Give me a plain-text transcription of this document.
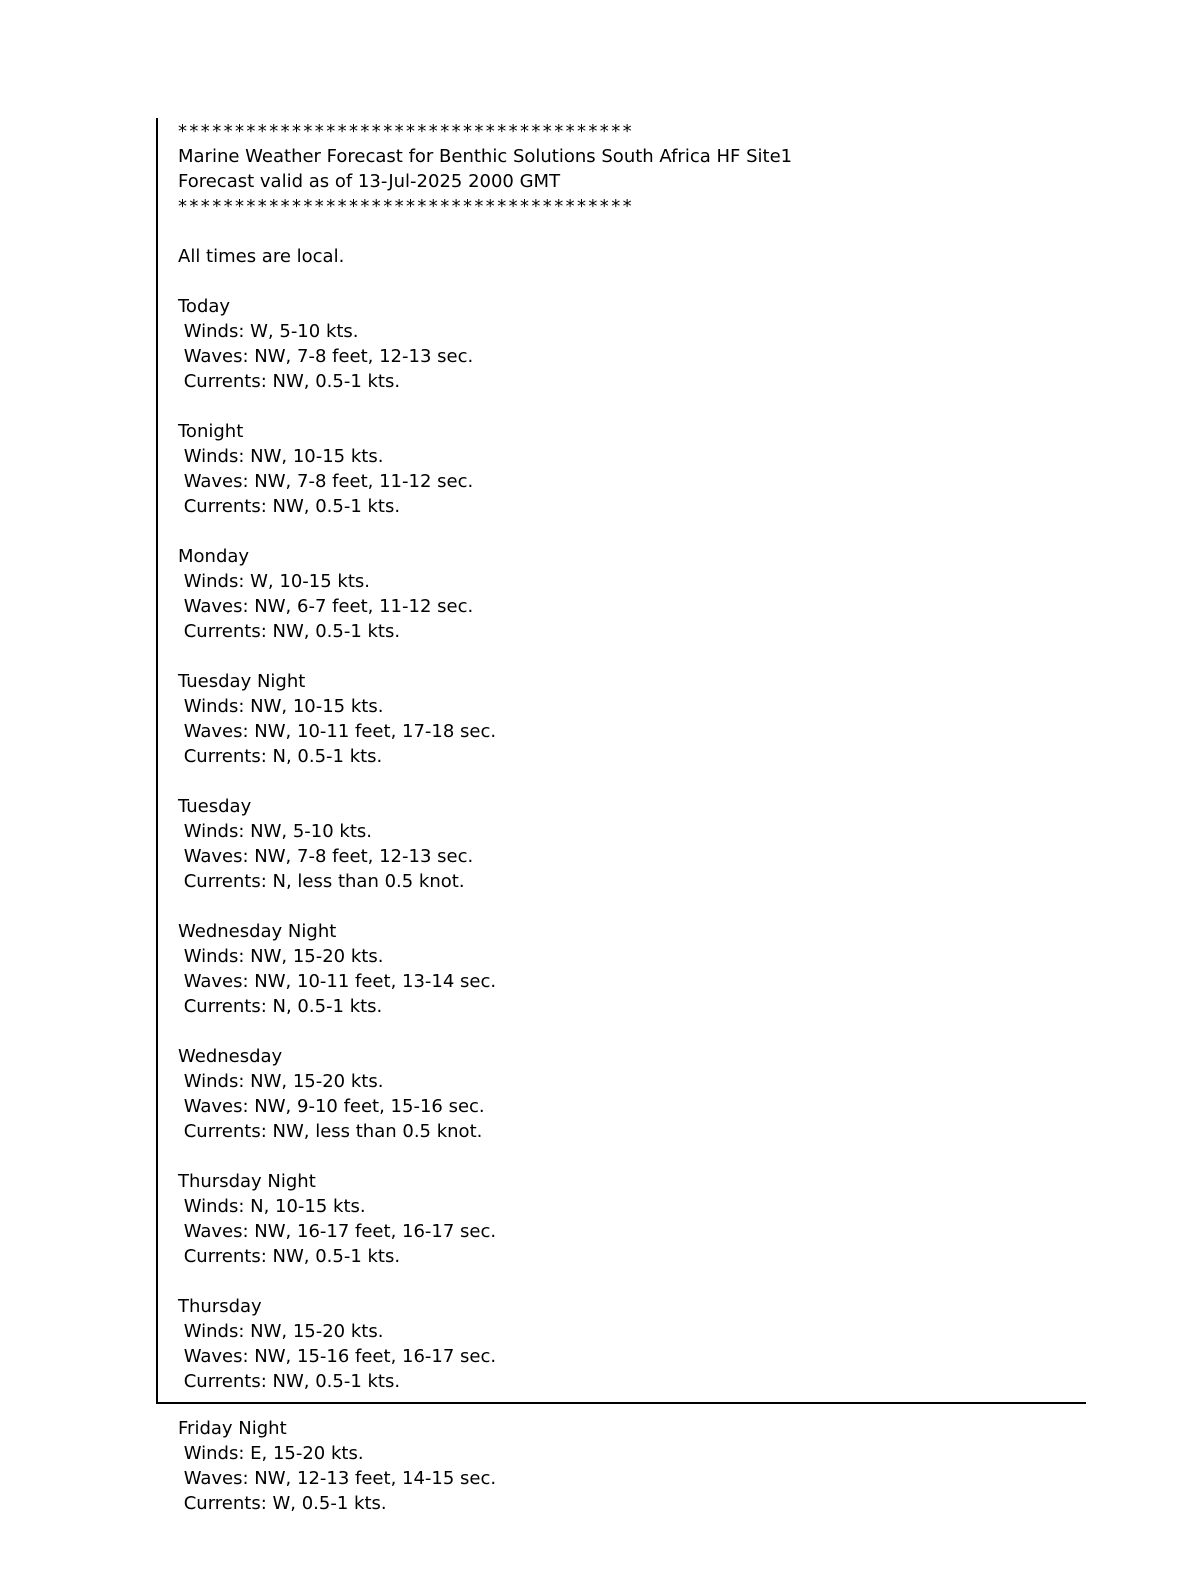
****************************************
Marine Weather Forecast for Benthic Solutions South Africa HF Site1
Forecast valid as of 13-Jul-2025 2000 GMT
****************************************
All times are local.
Today
Winds: W, 5-10 kts.
Waves: NW, 7-8 feet, 12-13 sec.
Currents: NW, 0.5-1 kts.
Tonight
Winds: NW, 10-15 kts.
Waves: NW, 7-8 feet, 11-12 sec.
Currents: NW, 0.5-1 kts.
Monday
Winds: W, 10-15 kts.
Waves: NW, 6-7 feet, 11-12 sec.
Currents: NW, 0.5-1 kts.
Tuesday Night
Winds: NW, 10-15 kts.
Waves: NW, 10-11 feet, 17-18 sec.
Currents: N, 0.5-1 kts.
Tuesday
Winds: NW, 5-10 kts.
Waves: NW, 7-8 feet, 12-13 sec.
Currents: N, less than 0.5 knot.
Wednesday Night
Winds: NW, 15-20 kts.
Waves: NW, 10-11 feet, 13-14 sec.
Currents: N, 0.5-1 kts.
Wednesday
Winds: NW, 15-20 kts.
Waves: NW, 9-10 feet, 15-16 sec.
Currents: NW, less than 0.5 knot.
Thursday Night
Winds: N, 10-15 kts.
Waves: NW, 16-17 feet, 16-17 sec.
Currents: NW, 0.5-1 kts.
Thursday
Winds: NW, 15-20 kts.
Waves: NW, 15-16 feet, 16-17 sec.
Currents: NW, 0.5-1 kts.
Friday Night
Winds: E, 15-20 kts.
Waves: NW, 12-13 feet, 14-15 sec.
Currents: W, 0.5-1 kts.
